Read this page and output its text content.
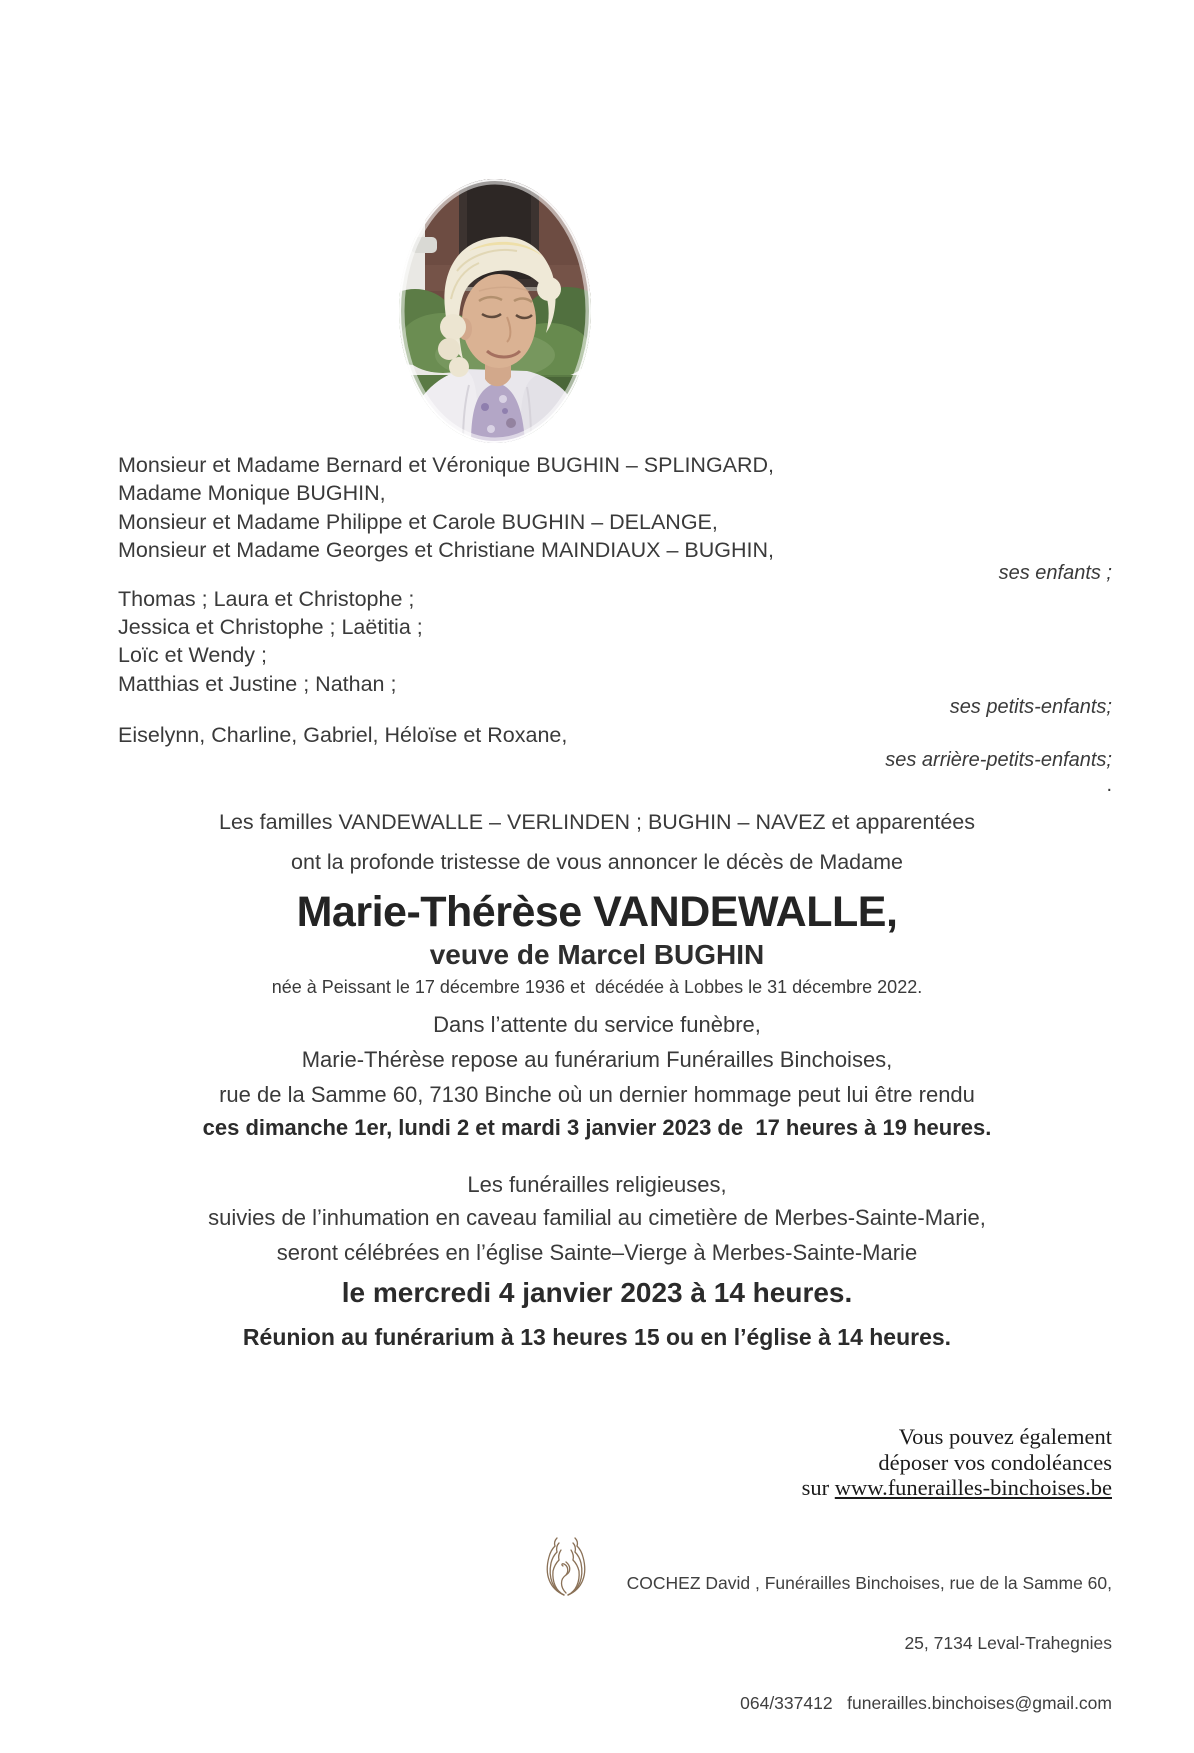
Monsieur et Madame Bernard et Véronique BUGHIN – SPLINGARD,
Madame Monique BUGHIN,
Monsieur et Madame Philippe et Carole BUGHIN – DELANGE,
Monsieur et Madame Georges et Christiane MAINDIAUX – BUGHIN,
ses enfants ;
Thomas ; Laura et Christophe ;
Jessica et Christophe ; Laëtitia ;
Loïc et Wendy ;
Matthias et Justine ; Nathan ;
ses petits-enfants;
Eiselynn, Charline, Gabriel, Héloïse et Roxane,
ses arrière-petits-enfants;
.
Les familles VANDEWALLE – VERLINDEN ; BUGHIN – NAVEZ et apparentées
ont la profonde tristesse de vous annoncer le décès de Madame
Marie-Thérèse VANDEWALLE,
veuve de Marcel BUGHIN
née à Peissant le 17 décembre 1936 et  décédée à Lobbes le 31 décembre 2022.
Dans l’attente du service funèbre,
Marie-Thérèse repose au funérarium Funérailles Binchoises,
rue de la Samme 60, 7130 Binche où un dernier hommage peut lui être rendu
ces dimanche 1er, lundi 2 et mardi 3 janvier 2023 de  17 heures à 19 heures.
Les funérailles religieuses,
suivies de l’inhumation en caveau familial au cimetière de Merbes-Sainte-Marie,
seront célébrées en l’église Sainte–Vierge à Merbes-Sainte-Marie
le mercredi 4 janvier 2023 à 14 heures.
Réunion au funérarium à 13 heures 15 ou en l’église à 14 heures.
Vous pouvez également
déposer vos condoléances
sur www.funerailles-binchoises.be

COCHEZ David , Funérailles Binchoises, rue de la Samme 60,

25, 7134 Leval-Trahegnies

064/337412   funerailles.binchoises@gmail.com
